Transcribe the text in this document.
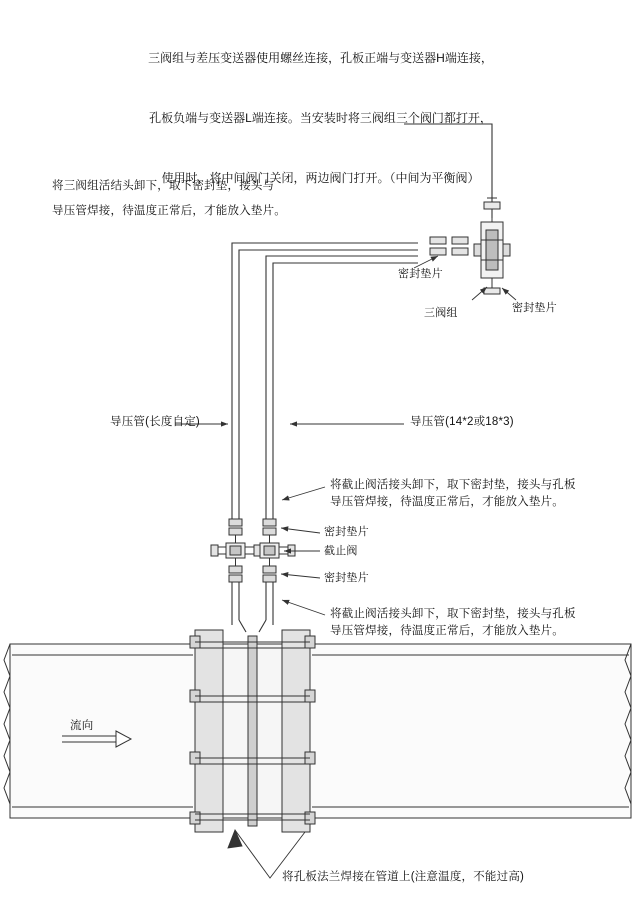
三阀组与差压变送器使用螺丝连接，孔板正端与变送器H端连接，

孔板负端与变送器L端连接。当安装时将三阀组三个阀门都打开，

使用时，将中间阀门关闭，两边阀门打开。（中间为平衡阀）

将三阀组活结头卸下，取下密封垫，接头与
导压管焊接，待温度正常后，才能放入垫片。
密封垫片
三阀组	密封垫片
导压管(长度自定)	导压管(14*2或18*3)
将截止阀活接头卸下，取下密封垫，接头与孔板
导压管焊接，待温度正常后，才能放入垫片。
密封垫片
截止阀
密封垫片
将截止阀活接头卸下，取下密封垫，接头与孔板
导压管焊接，待温度正常后，才能放入垫片。
流向
将孔板法兰焊接在管道上(注意温度，不能过高)
